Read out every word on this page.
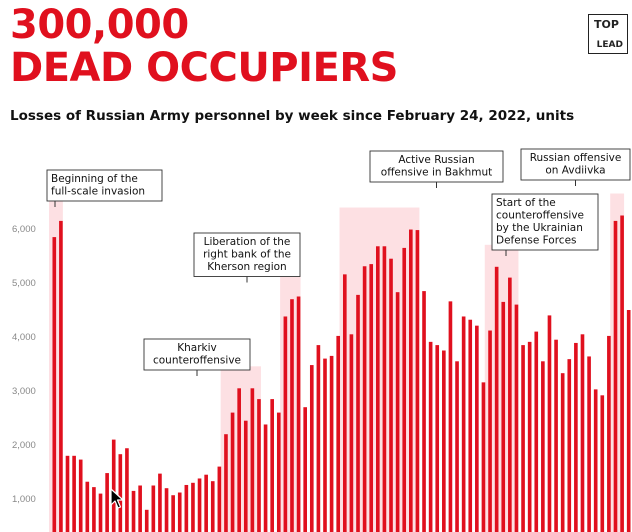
300,000
DEAD OCCUPIERS
TOP
LEAD
Losses of Russian Army personnel by week since February 24, 2022, units
1,000
2,000
3,000
4,000
5,000
6,000
Beginning of the
full-scale invasion
Kharkiv
counteroffensive
Liberation of the
right bank of the
Kherson region
Active Russian
offensive in Bakhmut
Start of the
counteroffensive
by the Ukrainian
Defense Forces
Russian offensive
on Avdiivka
